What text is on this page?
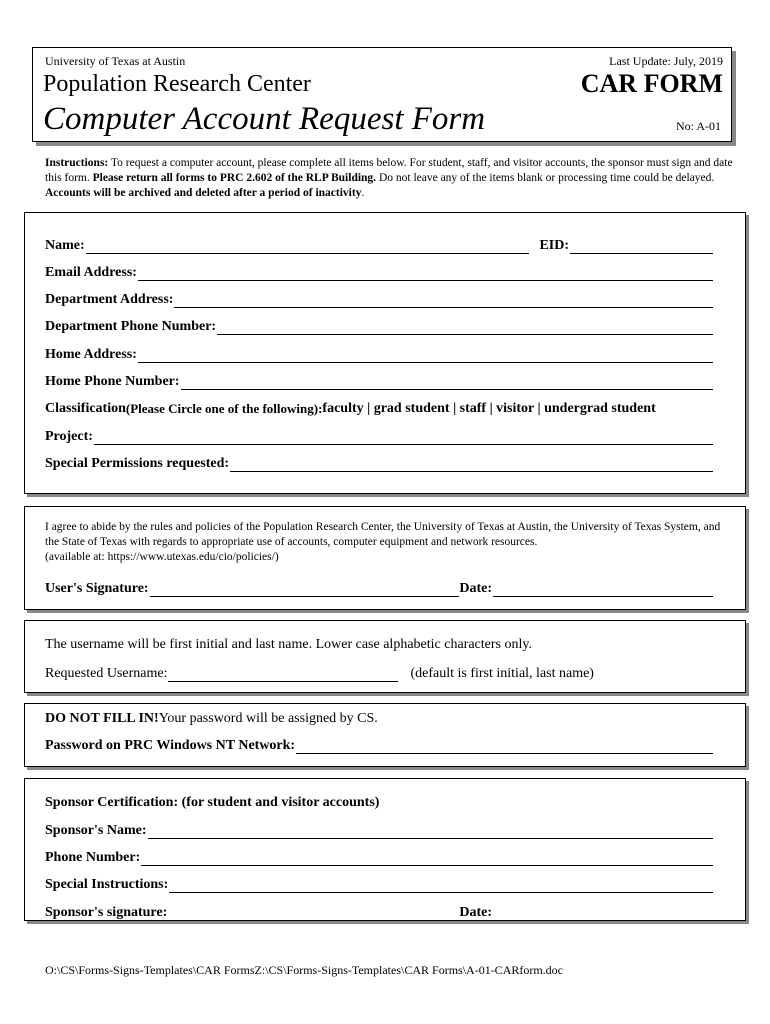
University of Texas at Austin	Last Update: July, 2019
Population Research Center	CAR FORM
Computer Account Request Form	No: A-01
Instructions: To request a computer account, please complete all items below. For student, staff, and visitor accounts, the sponsor must sign and date this form. Please return all forms to PRC 2.602 of the RLP Building. Do not leave any of the items blank or processing time could be delayed. Accounts will be archived and deleted after a period of inactivity.
Name:	EID:
Email Address:
Department Address:
Department Phone Number:
Home Address:
Home Phone Number:
Classification (Please Circle one of the following): faculty | grad student | staff | visitor | undergrad student
Project:
Special Permissions requested:
I agree to abide by the rules and policies of the Population Research Center, the University of Texas at Austin, the University of Texas System, and the State of Texas with regards to appropriate use of accounts, computer equipment and network resources.
(available at: https://www.utexas.edu/cio/policies/)
User's Signature:	Date:
The username will be first initial and last name. Lower case alphabetic characters only.
Requested Username:	(default is first initial, last name)
DO NOT FILL IN! Your password will be assigned by CS.
Password on PRC Windows NT Network:
Sponsor Certification: (for student and visitor accounts)
Sponsor's Name:
Phone Number:
Special Instructions:
Sponsor's signature:	Date:
O:\CS\Forms-Signs-Templates\CAR FormsZ:\CS\Forms-Signs-Templates\CAR Forms\A-01-CARform.doc
